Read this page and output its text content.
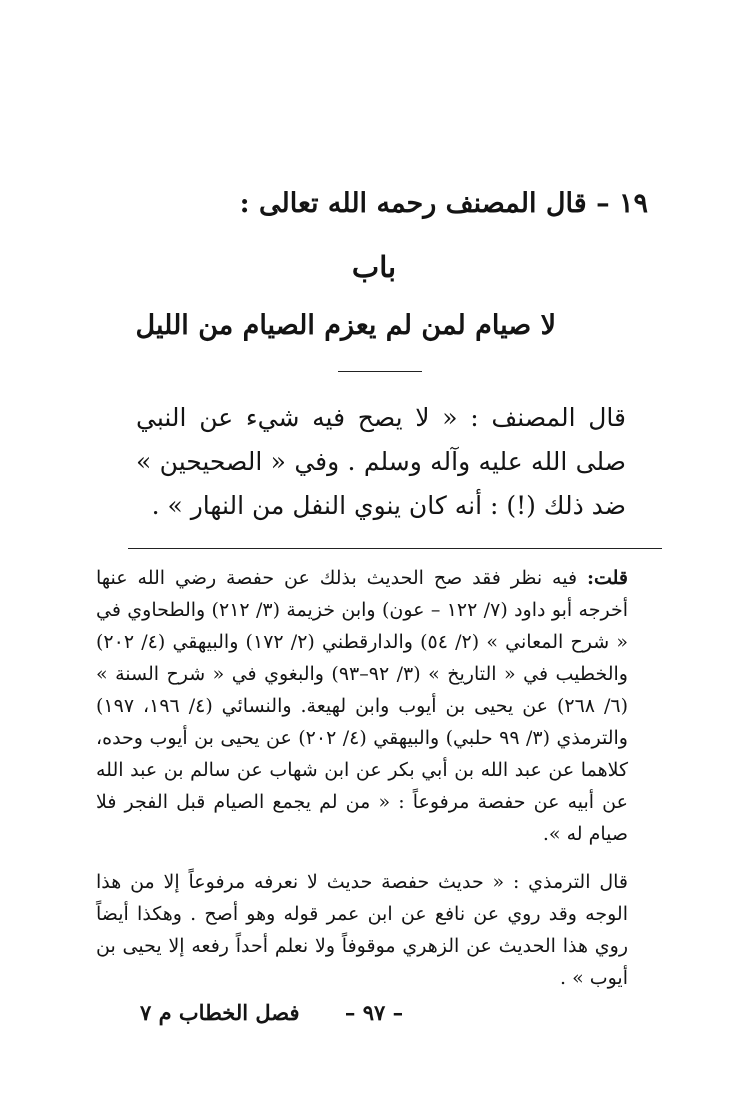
١٩ – قال المصنف رحمه الله تعالى :
باب
لا صيام لمن لم يعزم الصيام من الليل

قال المصنف : « لا يصح فيه شيء عن النبي صلى الله عليه وآله وسلم . وفي « الصحيحين » ضد ذلك (!) : أنه كان ينوي النفل من النهار » .

قلت: فيه نظر فقد صح الحديث بذلك عن حفصة رضي الله عنها أخرجه أبو داود (٧/ ١٢٢ – عون) وابن خزيمة (٣/ ٢١٢) والطحاوي في « شرح المعاني » (٢/ ٥٤) والدارقطني (٢/ ١٧٢) والبيهقي (٤/ ٢٠٢) والخطيب في « التاريخ » (٣/ ٩٢–٩٣) والبغوي في « شرح السنة » (٦/ ٢٦٨) عن يحيى بن أيوب وابن لهيعة. والنسائي (٤/ ١٩٦، ١٩٧) والترمذي (٣/ ٩٩ حلبي) والبيهقي (٤/ ٢٠٢) عن يحيى بن أيوب وحده، كلاهما عن عبد الله بن أبي بكر عن ابن شهاب عن سالم بن عبد الله عن أبيه عن حفصة مرفوعاً : « من لم يجمع الصيام قبل الفجر فلا صيام له ».

قال الترمذي : « حديث حفصة حديث لا نعرفه مرفوعاً إلا من هذا الوجه وقد روي عن نافع عن ابن عمر قوله وهو أصح . وهكذا أيضاً روي هذا الحديث عن الزهري موقوفاً ولا نعلم أحداً رفعه إلا يحيى بن أيوب » .

– ٩٧ –
فصل الخطاب م ٧
